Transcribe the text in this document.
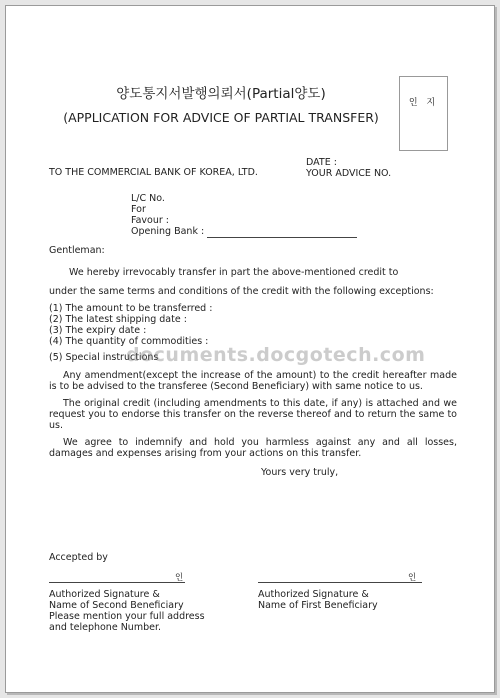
양도통지서발행의뢰서(Partial양도)
(APPLICATION FOR ADVICE OF PARTIAL TRANSFER)
인 지
TO THE COMMERCIAL BANK OF KOREA, LTD.
DATE :
YOUR ADVICE NO.
L/C No.
For
Favour :
Opening Bank :
Gentleman:
We hereby irrevocably transfer in part the above-mentioned credit to
under the same terms and conditions of the credit with the following exceptions:
(1) The amount to be transferred :
(2) The latest shipping date :
(3) The expiry date :
(4) The quantity of commodities :
(5) Special instructions
documents.docgotech.com

Any amendment(except the increase of the amount) to the credit hereafter made is to be advised to the transferee (Second Beneficiary) with same notice to us.

The original credit (including amendments to this date, if any) is attached and we request you to endorse this transfer on the reverse thereof and to return the same to us.

We agree to indemnify and hold you harmless against any and all losses, damages and expenses arising from your actions on this transfer.

Yours very truly,
Accepted by
인
Authorized Signature &
Name of Second Beneficiary
Please mention your full address
and telephone Number.
인
Authorized Signature &
Name of First Beneficiary
